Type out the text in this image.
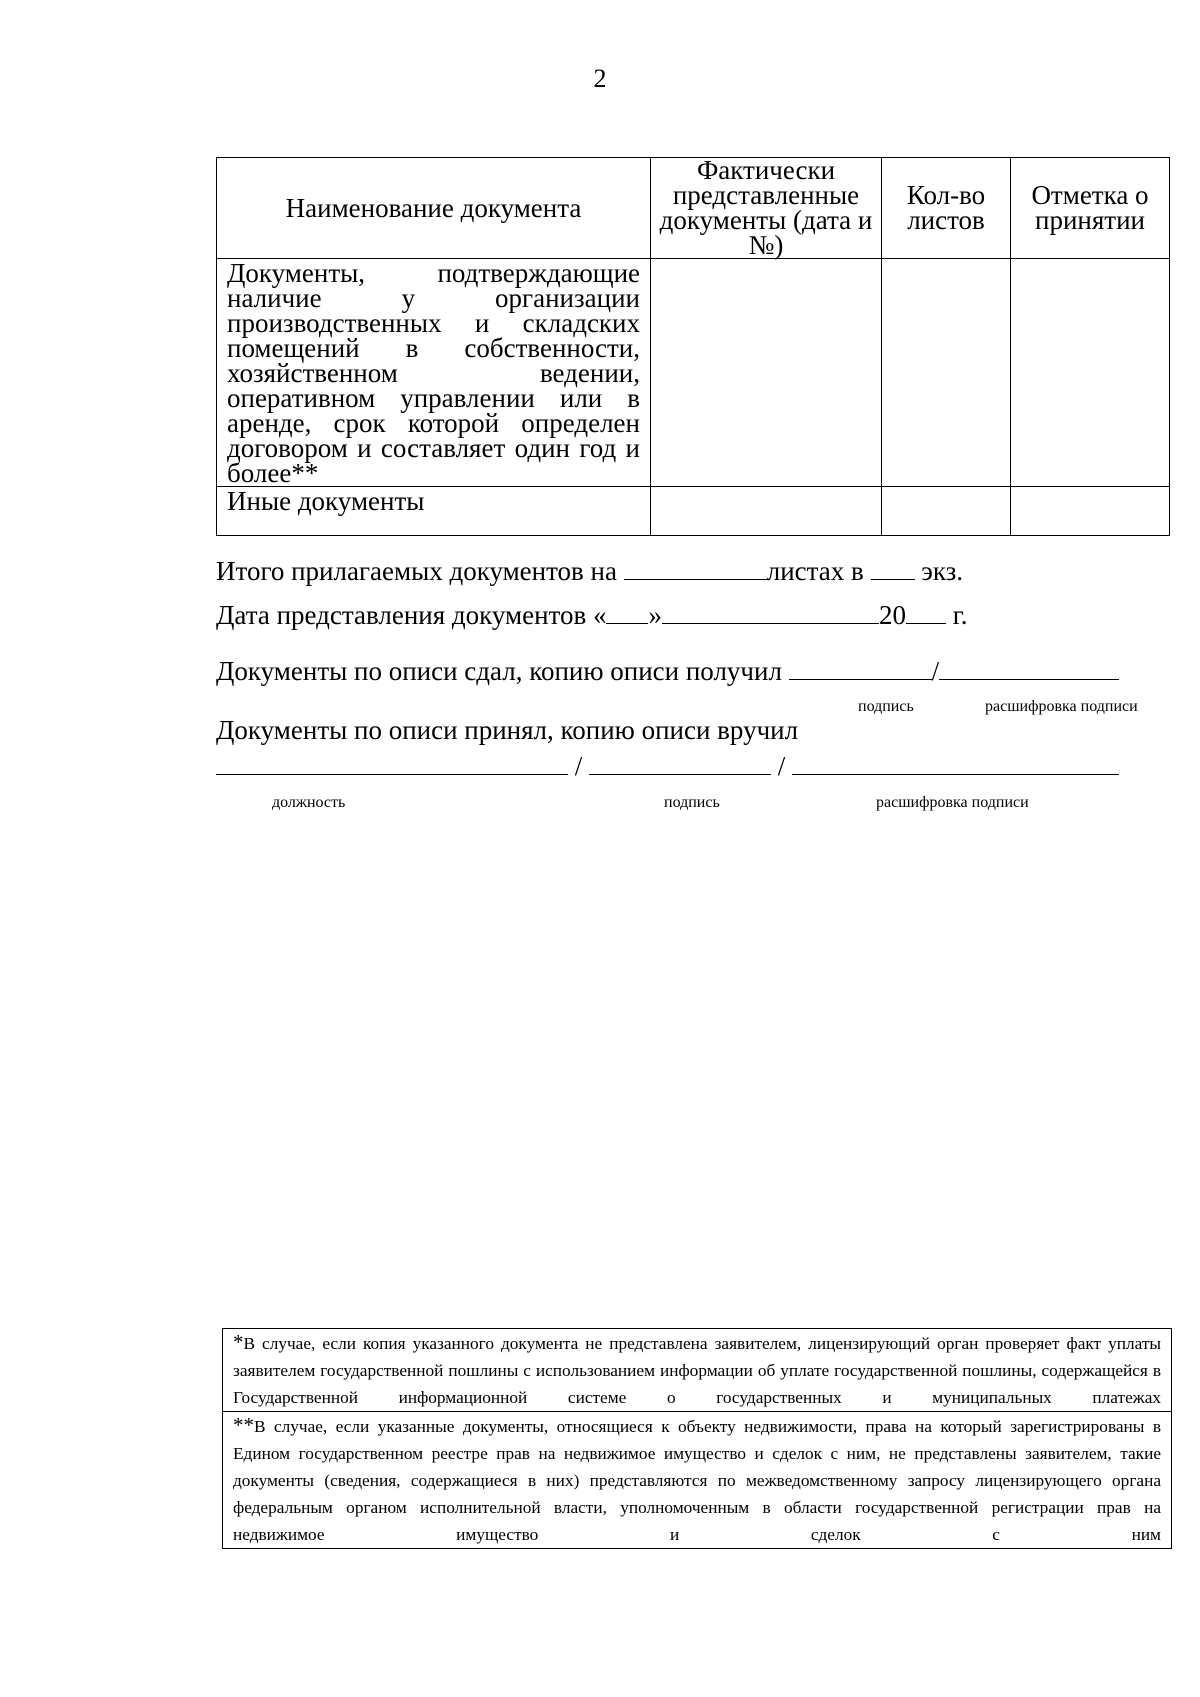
2
Наименование документа	Фактически представленные документы (дата и №)	Кол-во листов	Отметка о принятии

Документы, подтверждающие наличие у организации производственных и складских помещений в собственности, хозяйственном ведении, оперативном управлении или в аренде, срок которой определен договором и составляет один год и более**			

Иные документы			

Итого прилагаемых документов на	листах в экз.
Дата представления документов « »	20 г.
Документы по описи сдал, копию описи получил	/
подпись	расшифровка подписи
Документы по описи принял, копию описи вручил
/	/
должность	подпись	расшифровка подписи
*В случае, если копия указанного документа не представлена заявителем, лицензирующий орган проверяет факт уплаты заявителем государственной пошлины с использованием информации об уплате государственной пошлины, содержащейся в Государственной информационной системе о государственных и муниципальных платежах
**В случае, если указанные документы, относящиеся к объекту недвижимости, права на который зарегистрированы в Едином государственном реестре прав на недвижимое имущество и сделок с ним, не представлены заявителем, такие документы (сведения, содержащиеся в них) представляются по межведомственному запросу лицензирующего органа федеральным органом исполнительной власти, уполномоченным в области государственной регистрации прав на недвижимое имущество и сделок с ним
